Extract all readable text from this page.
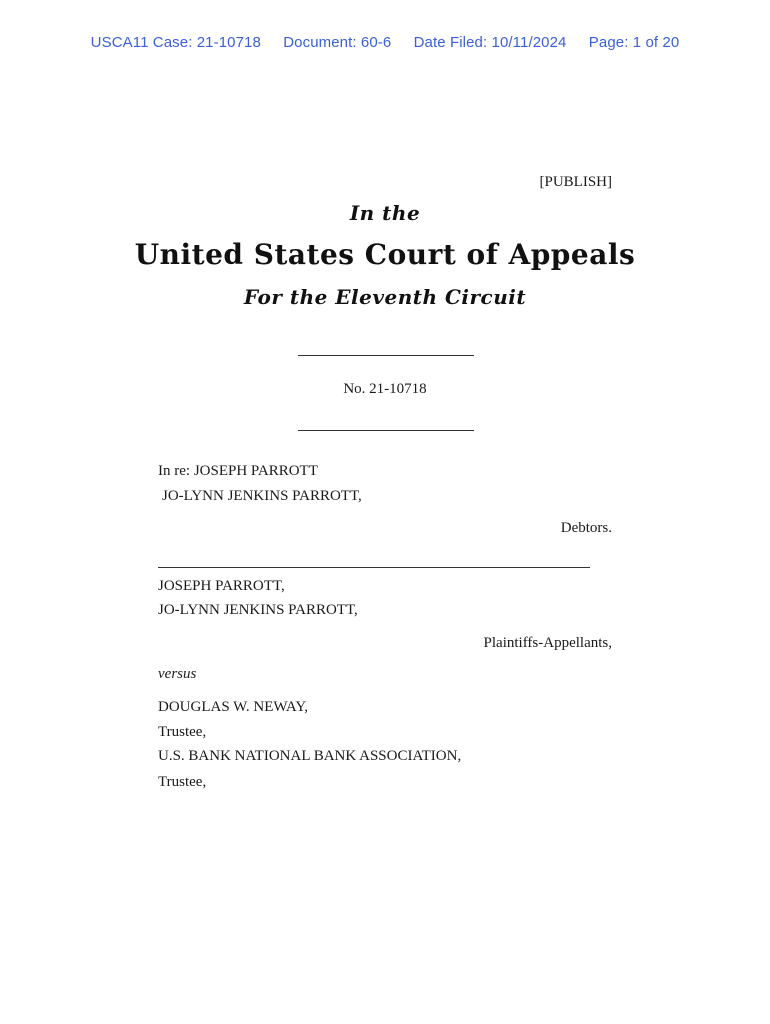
USCA11 Case: 21-10718 Document: 60-6 Date Filed: 10/11/2024 Page: 1 of 20
[PUBLISH]
In the
United States Court of Appeals
For the Eleventh Circuit
No. 21-10718
In re: JOSEPH PARROTT
JO-LYNN JENKINS PARROTT,
Debtors.
JOSEPH PARROTT,
JO-LYNN JENKINS PARROTT,
Plaintiffs-Appellants,
versus
DOUGLAS W. NEWAY,
Trustee,
U.S. BANK NATIONAL BANK ASSOCIATION,
Trustee,
